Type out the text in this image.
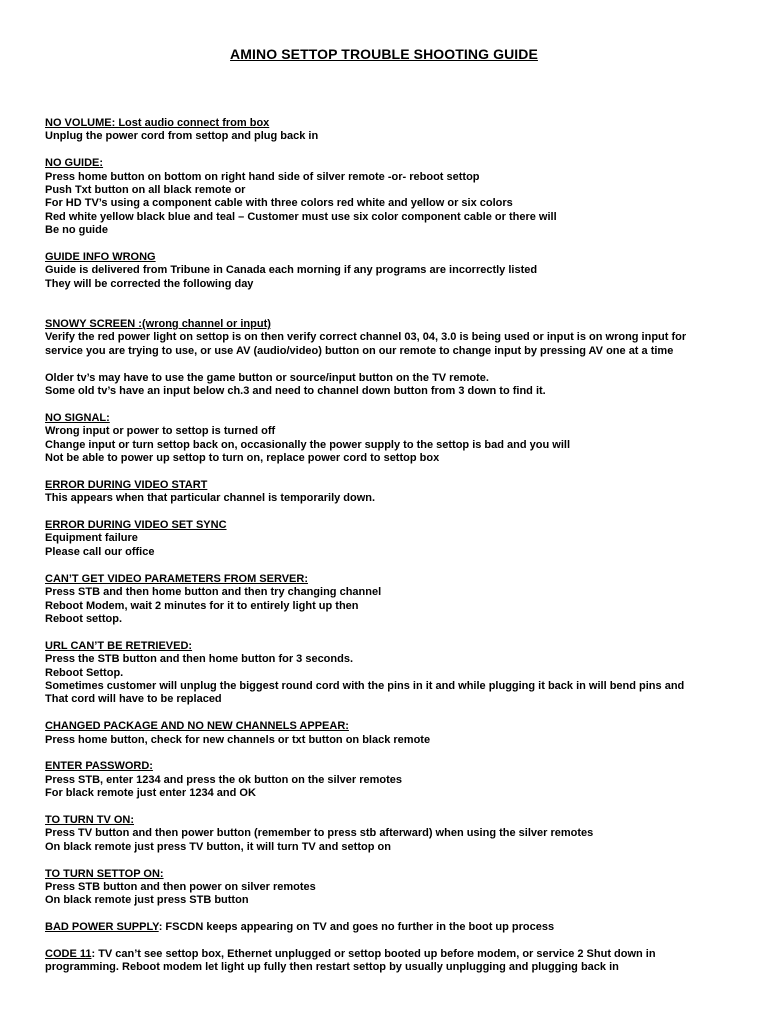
AMINO SETTOP TROUBLE SHOOTING GUIDE

NO VOLUME: Lost audio connect from box

Unplug the power cord from settop and plug back in

NO GUIDE:

Press home button on bottom on right hand side of silver remote -or- reboot settop

Push Txt button on all black remote or

For HD TV’s using a component cable with three colors red white and yellow or six colors

Red white yellow black blue and teal – Customer must use six color component cable or there will

Be no guide

GUIDE INFO WRONG

Guide is delivered from Tribune in Canada each morning if any programs are incorrectly listed

They will be corrected the following day

SNOWY SCREEN :(wrong channel or input)

Verify the red power light on settop is on then verify correct channel 03, 04, 3.0 is being used or input is on wrong input for

service you are trying to use, or use AV (audio/video) button on our remote to change input by pressing AV one at a time

Older tv’s may have to use the game button or source/input button on the TV remote.

Some old tv’s have an input below ch.3 and need to channel down button from 3 down to find it.

NO SIGNAL:

Wrong input or power to settop is turned off

Change input or turn settop back on, occasionally the power supply to the settop is bad and you will

Not be able to power up settop to turn on, replace power cord to settop box

ERROR DURING VIDEO START

This appears when that particular channel is temporarily down.

ERROR DURING VIDEO SET SYNC

Equipment failure

Please call our office

CAN’T GET VIDEO PARAMETERS FROM SERVER:

Press STB and then home button and then try changing channel

Reboot Modem, wait 2 minutes for it to entirely light up then

Reboot settop.

URL CAN’T BE RETRIEVED:

Press the STB button and then home button for 3 seconds.

Reboot Settop.

Sometimes customer will unplug the biggest round cord with the pins in it and while plugging it back in will bend pins and

That cord will have to be replaced

CHANGED PACKAGE AND NO NEW CHANNELS APPEAR:

Press home button, check for new channels or txt button on black remote

ENTER PASSWORD:

Press STB, enter 1234 and press the ok button on the silver remotes

For black remote just enter 1234 and OK

TO TURN TV ON:

Press TV button and then power button (remember to press stb afterward) when using the silver remotes

On black remote just press TV button, it will turn TV and settop on

TO TURN SETTOP ON:

Press STB button and then power on silver remotes

On black remote just press STB button

BAD POWER SUPPLY: FSCDN keeps appearing on TV and goes no further in the boot up process

CODE 11: TV can’t see settop box, Ethernet unplugged or settop booted up before modem, or service 2 Shut down in

programming. Reboot modem let light up fully then restart settop by usually unplugging and plugging back in
